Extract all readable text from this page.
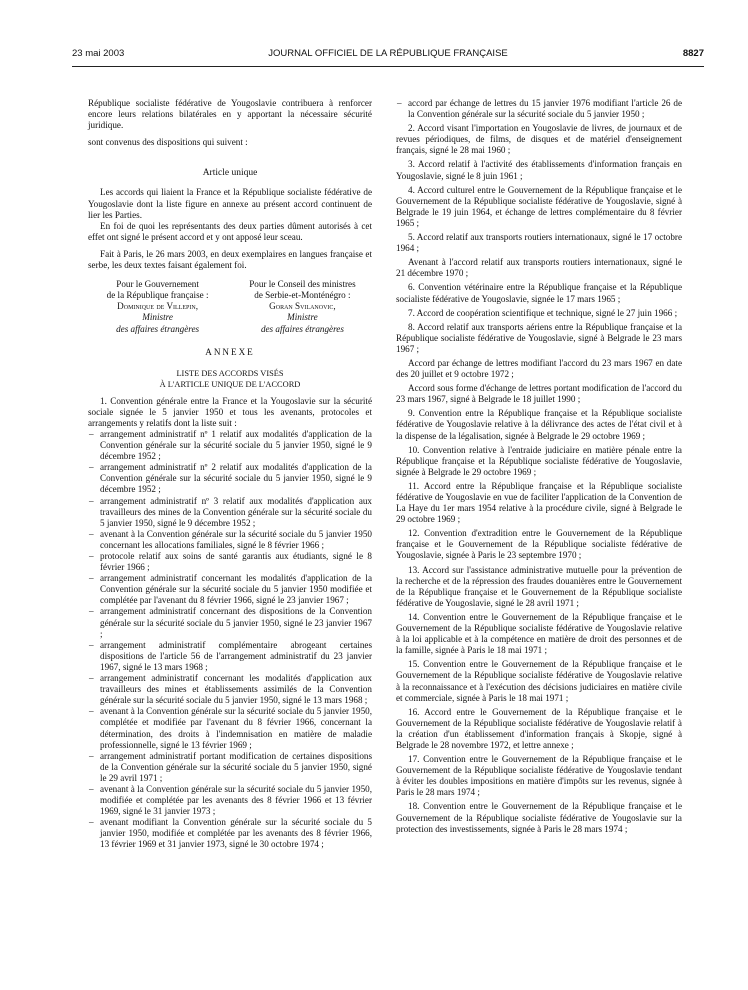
23 mai 2003	JOURNAL OFFICIEL DE LA RÉPUBLIQUE FRANÇAISE	8827

République socialiste fédérative de Yougoslavie contribuera à renforcer encore leurs relations bilatérales en y apportant la nécessaire sécurité juridique.

sont convenus des dispositions qui suivent :

Article unique

Les accords qui liaient la France et la République socialiste fédérative de Yougoslavie dont la liste figure en annexe au présent accord continuent de lier les Parties.

En foi de quoi les représentants des deux parties dûment autorisés à cet effet ont signé le présent accord et y ont apposé leur sceau.

Fait à Paris, le 26 mars 2003, en deux exemplaires en langues française et serbe, les deux textes faisant également foi.

Pour le Gouvernement
de la République française :
Dominique de Villepin,
Ministre
des affaires étrangères
Pour le Conseil des ministres
de Serbie-et-Monténégro :
Goran Svilanovic,
Ministre
des affaires étrangères

ANNEXE

LISTE DES ACCORDS VISÉS

À L'ARTICLE UNIQUE DE L'ACCORD

1. Convention générale entre la France et la Yougoslavie sur la sécurité sociale signée le 5 janvier 1950 et tous les avenants, protocoles et arrangements y relatifs dont la liste suit :

– arrangement administratif nº 1 relatif aux modalités d'application de la Convention générale sur la sécurité sociale du 5 janvier 1950, signé le 9 décembre 1952 ;
– arrangement administratif nº 2 relatif aux modalités d'application de la Convention générale sur la sécurité sociale du 5 janvier 1950, signé le 9 décembre 1952 ;
– arrangement administratif nº 3 relatif aux modalités d'application aux travailleurs des mines de la Convention générale sur la sécurité sociale du 5 janvier 1950, signé le 9 décembre 1952 ;
– avenant à la Convention générale sur la sécurité sociale du 5 janvier 1950 concernant les allocations familiales, signé le 8 février 1966 ;
– protocole relatif aux soins de santé garantis aux étudiants, signé le 8 février 1966 ;
– arrangement administratif concernant les modalités d'application de la Convention générale sur la sécurité sociale du 5 janvier 1950 modifiée et complétée par l'avenant du 8 février 1966, signé le 23 janvier 1967 ;
– arrangement administratif concernant des dispositions de la Convention générale sur la sécurité sociale du 5 janvier 1950, signé le 23 janvier 1967 ;
– arrangement administratif complémentaire abrogeant certaines dispositions de l'article 56 de l'arrangement administratif du 23 janvier 1967, signé le 13 mars 1968 ;
– arrangement administratif concernant les modalités d'application aux travailleurs des mines et établissements assimilés de la Convention générale sur la sécurité sociale du 5 janvier 1950, signé le 13 mars 1968 ;
– avenant à la Convention générale sur la sécurité sociale du 5 janvier 1950, complétée et modifiée par l'avenant du 8 février 1966, concernant la détermination, des droits à l'indemnisation en matière de maladie professionnelle, signé le 13 février 1969 ;
– arrangement administratif portant modification de certaines dispositions de la Convention générale sur la sécurité sociale du 5 janvier 1950, signé le 29 avril 1971 ;
– avenant à la Convention générale sur la sécurité sociale du 5 janvier 1950, modifiée et complétée par les avenants des 8 février 1966 et 13 février 1969, signé le 31 janvier 1973 ;
– avenant modifiant la Convention générale sur la sécurité sociale du 5 janvier 1950, modifiée et complétée par les avenants des 8 février 1966, 13 février 1969 et 31 janvier 1973, signé le 30 octobre 1974 ;
– accord par échange de lettres du 15 janvier 1976 modifiant l'article 26 de la Convention générale sur la sécurité sociale du 5 janvier 1950 ;

2. Accord visant l'importation en Yougoslavie de livres, de journaux et de revues périodiques, de films, de disques et de matériel d'enseignement français, signé le 28 mai 1960 ;

3. Accord relatif à l'activité des établissements d'information français en Yougoslavie, signé le 8 juin 1961 ;

4. Accord culturel entre le Gouvernement de la République française et le Gouvernement de la République socialiste fédérative de Yougoslavie, signé à Belgrade le 19 juin 1964, et échange de lettres complémentaire du 8 février 1965 ;

5. Accord relatif aux transports routiers internationaux, signé le 17 octobre 1964 ;

Avenant à l'accord relatif aux transports routiers internationaux, signé le 21 décembre 1970 ;

6. Convention vétérinaire entre la République française et la République socialiste fédérative de Yougoslavie, signée le 17 mars 1965 ;

7. Accord de coopération scientifique et technique, signé le 27 juin 1966 ;

8. Accord relatif aux transports aériens entre la République française et la République socialiste fédérative de Yougoslavie, signé à Belgrade le 23 mars 1967 ;

Accord par échange de lettres modifiant l'accord du 23 mars 1967 en date des 20 juillet et 9 octobre 1972 ;

Accord sous forme d'échange de lettres portant modification de l'accord du 23 mars 1967, signé à Belgrade le 18 juillet 1990 ;

9. Convention entre la République française et la République socialiste fédérative de Yougoslavie relative à la délivrance des actes de l'état civil et à la dispense de la légalisation, signée à Belgrade le 29 octobre 1969 ;

10. Convention relative à l'entraide judiciaire en matière pénale entre la République française et la République socialiste fédérative de Yougoslavie, signée à Belgrade le 29 octobre 1969 ;

11. Accord entre la République française et la République socialiste fédérative de Yougoslavie en vue de faciliter l'application de la Convention de La Haye du 1er mars 1954 relative à la procédure civile, signé à Belgrade le 29 octobre 1969 ;

12. Convention d'extradition entre le Gouvernement de la République française et le Gouvernement de la République socialiste fédérative de Yougoslavie, signée à Paris le 23 septembre 1970 ;

13. Accord sur l'assistance administrative mutuelle pour la prévention de la recherche et de la répression des fraudes douanières entre le Gouvernement de la République française et le Gouvernement de la République socialiste fédérative de Yougoslavie, signé le 28 avril 1971 ;

14. Convention entre le Gouvernement de la République française et le Gouvernement de la République socialiste fédérative de Yougoslavie relative à la loi applicable et à la compétence en matière de droit des personnes et de la famille, signée à Paris le 18 mai 1971 ;

15. Convention entre le Gouvernement de la République française et le Gouvernement de la République socialiste fédérative de Yougoslavie relative à la reconnaissance et à l'exécution des décisions judiciaires en matière civile et commerciale, signée à Paris le 18 mai 1971 ;

16. Accord entre le Gouvernement de la République française et le Gouvernement de la République socialiste fédérative de Yougoslavie relatif à la création d'un établissement d'information français à Skopje, signé à Belgrade le 28 novembre 1972, et lettre annexe ;

17. Convention entre le Gouvernement de la République française et le Gouvernement de la République socialiste fédérative de Yougoslavie tendant à éviter les doubles impositions en matière d'impôts sur les revenus, signée à Paris le 28 mars 1974 ;

18. Convention entre le Gouvernement de la République française et le Gouvernement de la République socialiste fédérative de Yougoslavie sur la protection des investissements, signée à Paris le 28 mars 1974 ;
